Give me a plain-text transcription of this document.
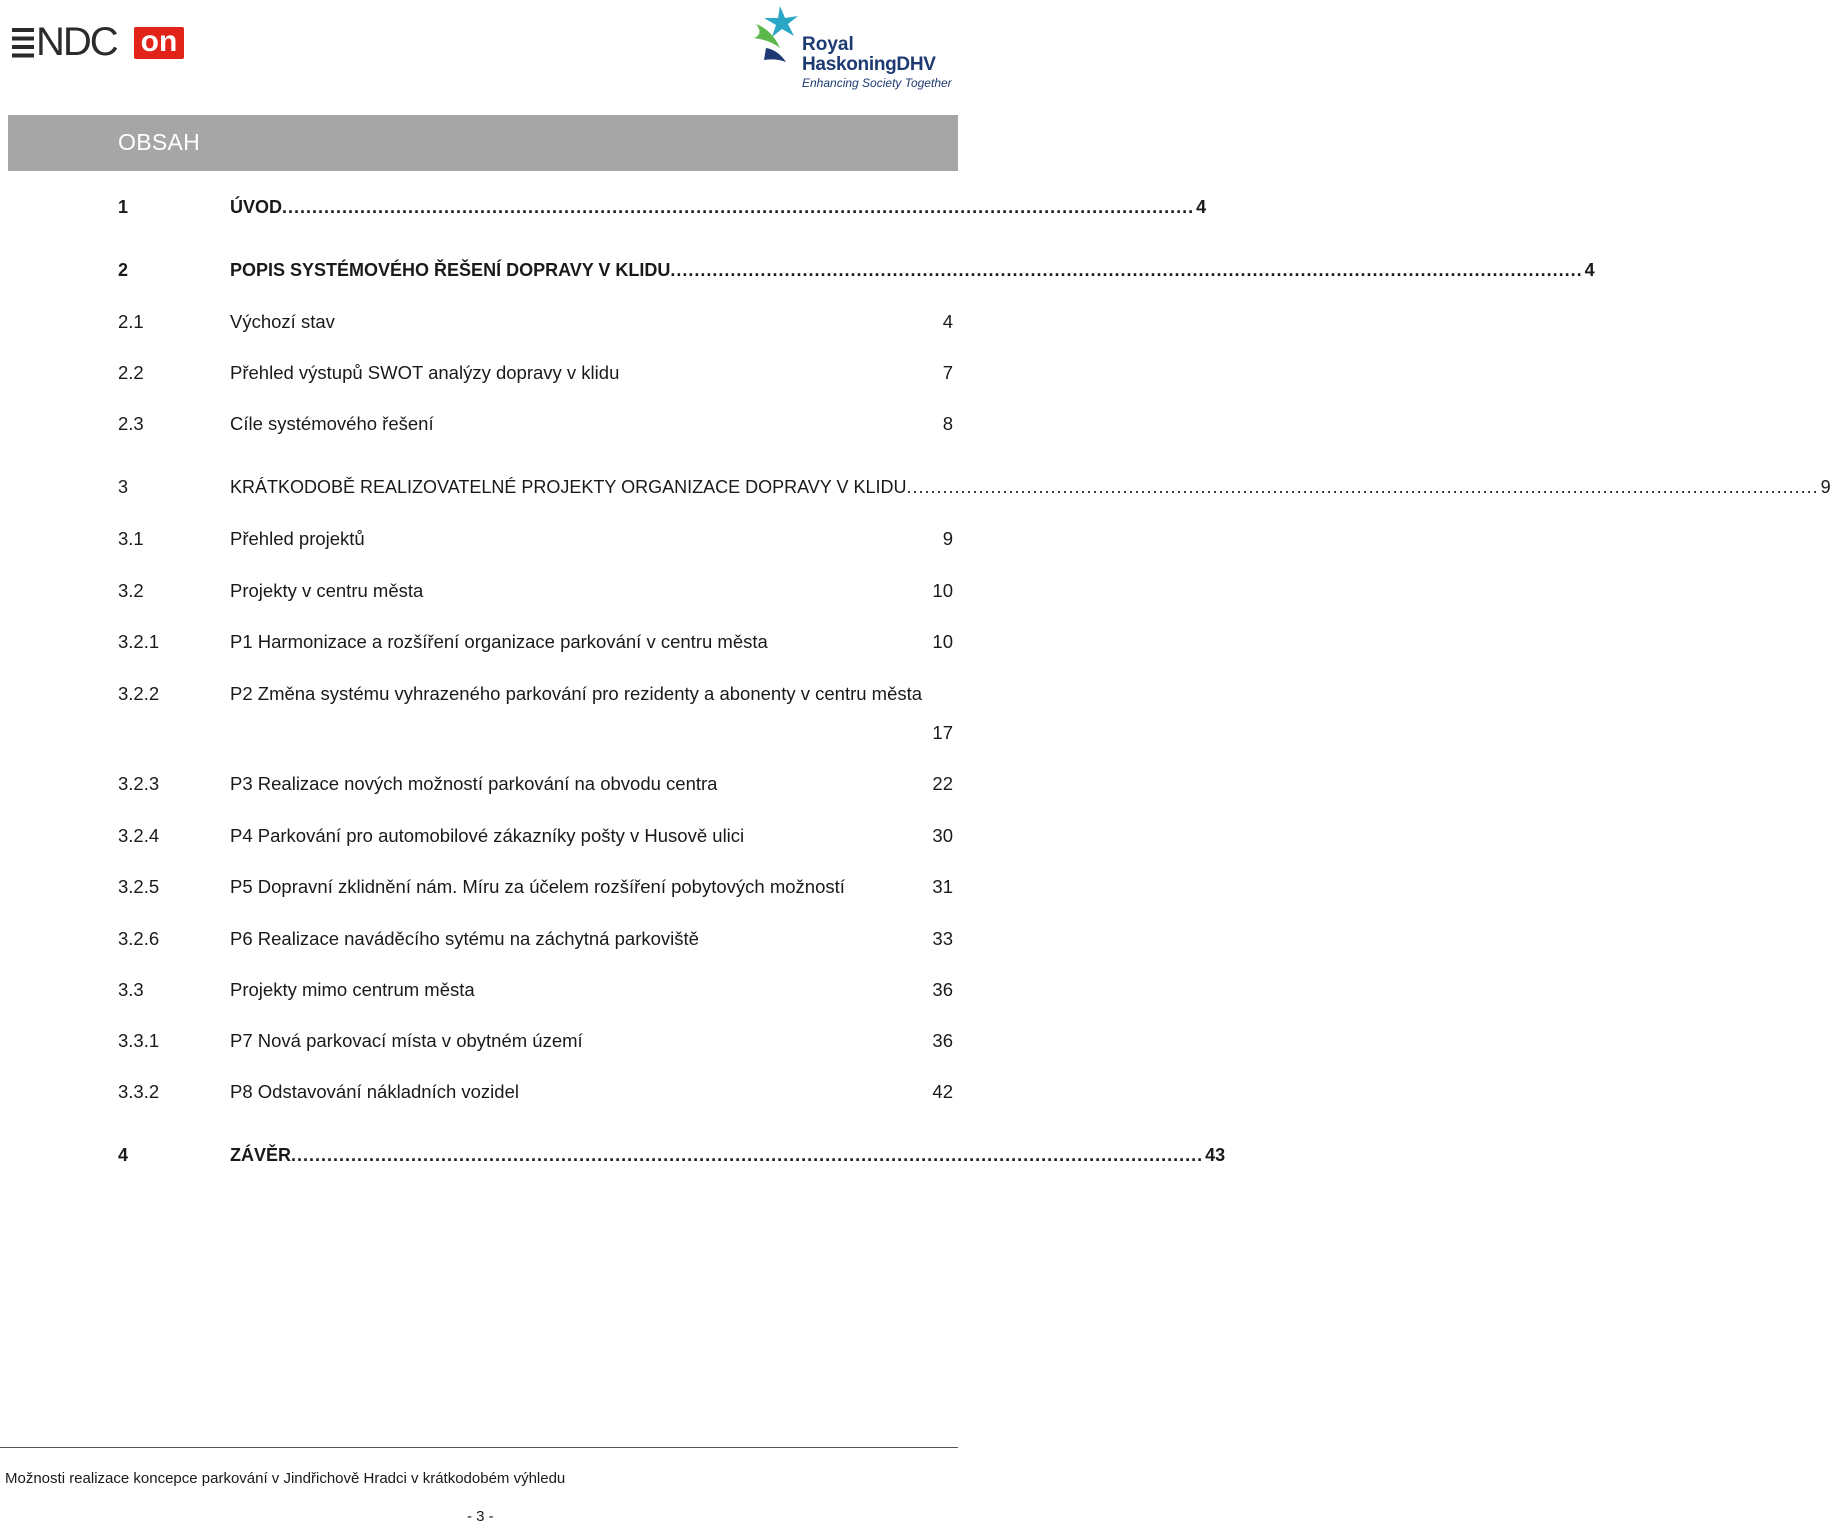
NDC on	Royal
HaskoningDHV
Enhancing Society Together
OBSAH
1	ÚVOD ........................................................................................................................................................ 4
2	POPIS SYSTÉMOVÉHO ŘEŠENÍ DOPRAVY V KLIDU ........................................................................................................................................................ 4
2.1	Výchozí stav	4
2.2	Přehled výstupů SWOT analýzy dopravy v klidu	7
2.3	Cíle systémového řešení	8
3	KRÁTKODOBĚ REALIZOVATELNÉ PROJEKTY ORGANIZACE DOPRAVY V KLIDU ........................................................................................................................................................ 9
3.1	Přehled projektů	9
3.2	Projekty v centru města	10
3.2.1	P1 Harmonizace a rozšíření organizace parkování v centru města	10
3.2.2	P2 Změna systému vyhrazeného parkování pro rezidenty a abonenty v centru města
17
3.2.3	P3 Realizace nových možností parkování na obvodu centra	22
3.2.4	P4 Parkování pro automobilové zákazníky pošty v Husově ulici	30
3.2.5	P5 Dopravní zklidnění nám. Míru za účelem rozšíření pobytových možností	31
3.2.6	P6 Realizace naváděcího sytému na záchytná parkoviště	33
3.3	Projekty mimo centrum města	36
3.3.1	P7 Nová parkovací místa v obytném území	36
3.3.2	P8 Odstavování nákladních vozidel	42
4	ZÁVĚR ........................................................................................................................................................ 43
Možnosti realizace koncepce parkování v Jindřichově Hradci v krátkodobém výhledu
- 3 -
